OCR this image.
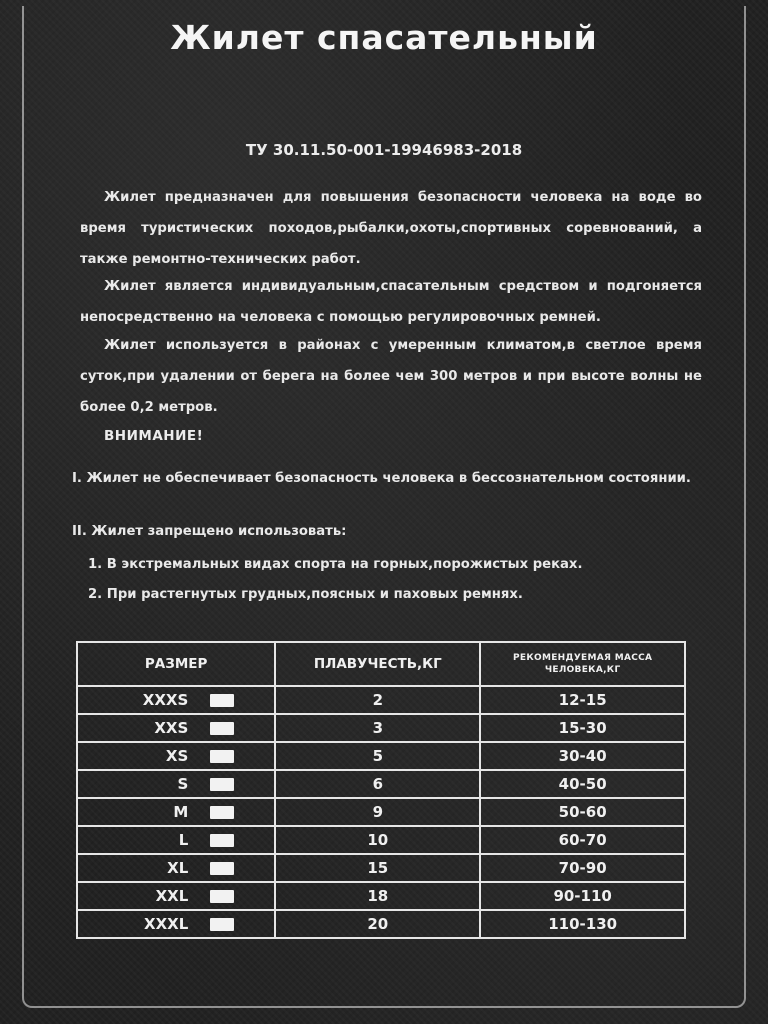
Жилет спасательный
ТУ 30.11.50-001-19946983-2018

Жилет предназначен для повышения безопасности человека на воде во время туристических походов,рыбалки,охоты,спортивных соревнований, а также ремонтно-технических работ.

Жилет является индивидуальным,спасательным средством и подгоняется непосредственно на человека с помощью регулировочных ремней.

Жилет используется в районах с умеренным климатом,в светлое время суток,при удалении от берега на более чем 300 метров и при высоте волны не более 0,2 метров.

ВНИМАНИЕ!

I. Жилет не обеспечивает безопасность человека в бессознательном состоянии.

II. Жилет запрещено использовать:
1. В экстремальных видах спорта на горных,порожистых реках.
2. При растегнутых грудных,поясных и паховых ремнях.
РАЗМЕР	ПЛАВУЧЕСТЬ,КГ	РЕКОМЕНДУЕМАЯ МАССА
ЧЕЛОВЕКА,КГ

XXXS	2	12-15

XXS	3	15-30

XS	5	30-40

S	6	40-50

M	9	50-60

L	10	60-70

XL	15	70-90

XXL	18	90-110

XXXL	20	110-130
